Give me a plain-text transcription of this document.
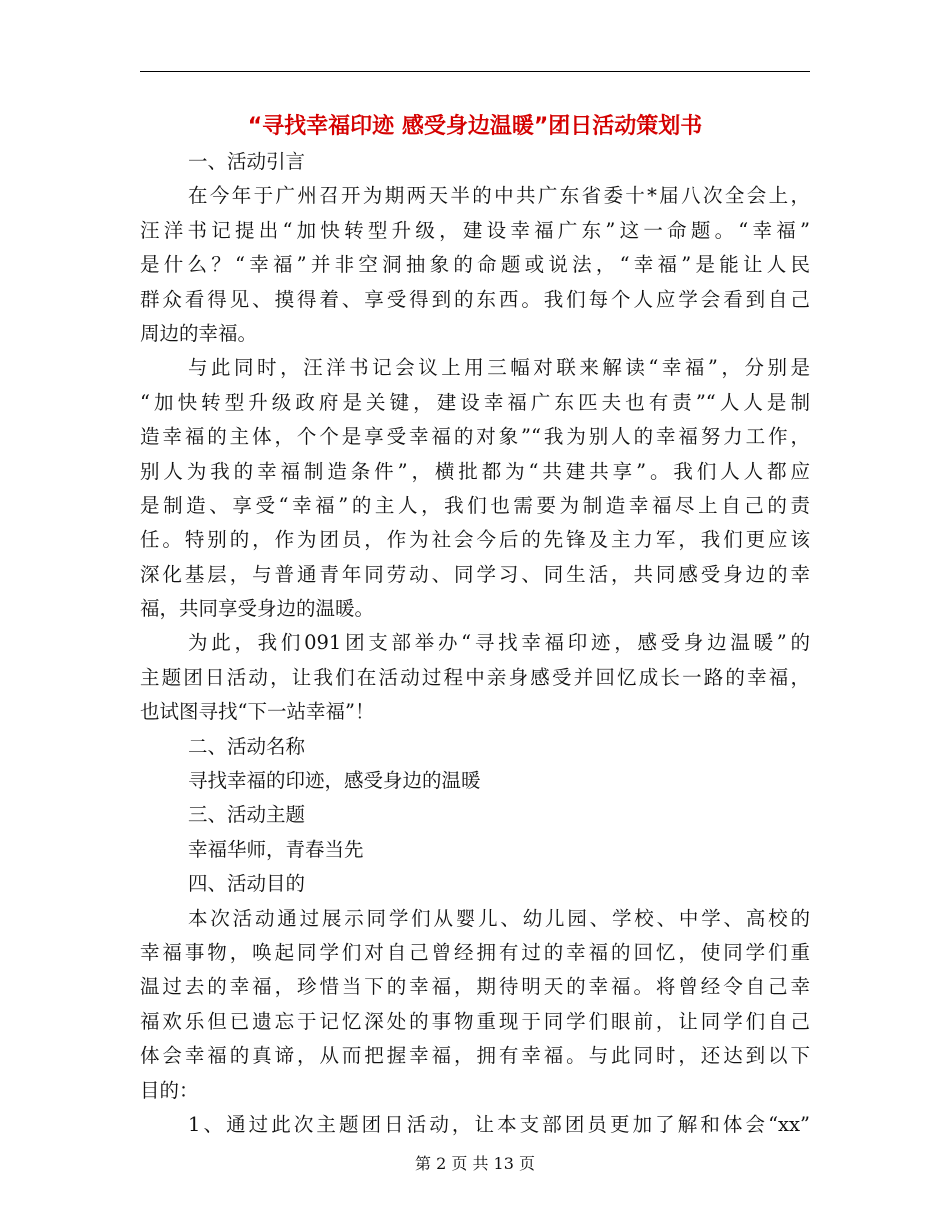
“寻找幸福印迹 感受身边温暖”团日活动策划书
一、活动引言
在今年于广州召开为期两天半的中共广东省委十*届八次全会上，
汪洋书记提出“加快转型升级，建设幸福广东”这一命题。“幸福”
是什么？“幸福”并非空洞抽象的命题或说法，“幸福”是能让人民
群众看得见、摸得着、享受得到的东西。我们每个人应学会看到自己
周边的幸福。
与此同时，汪洋书记会议上用三幅对联来解读“幸福”，分别是
“加快转型升级政府是关键，建设幸福广东匹夫也有责”“人人是制
造幸福的主体，个个是享受幸福的对象”“我为别人的幸福努力工作，
别人为我的幸福制造条件”，横批都为“共建共享”。我们人人都应
是制造、享受“幸福”的主人，我们也需要为制造幸福尽上自己的责
任。特别的，作为团员，作为社会今后的先锋及主力军，我们更应该
深化基层，与普通青年同劳动、同学习、同生活，共同感受身边的幸
福，共同享受身边的温暖。
为此，我们091团支部举办“寻找幸福印迹，感受身边温暖”的
主题团日活动，让我们在活动过程中亲身感受并回忆成长一路的幸福，
也试图寻找“下一站幸福”！
二、活动名称
寻找幸福的印迹，感受身边的温暖
三、活动主题
幸福华师，青春当先
四、活动目的
本次活动通过展示同学们从婴儿、幼儿园、学校、中学、高校的
幸福事物，唤起同学们对自己曾经拥有过的幸福的回忆，使同学们重
温过去的幸福，珍惜当下的幸福，期待明天的幸福。将曾经令自己幸
福欢乐但已遗忘于记忆深处的事物重现于同学们眼前，让同学们自己
体会幸福的真谛，从而把握幸福，拥有幸福。与此同时，还达到以下
目的：
1、通过此次主题团日活动，让本支部团员更加了解和体会“xx”
第 2 页 共 13 页
